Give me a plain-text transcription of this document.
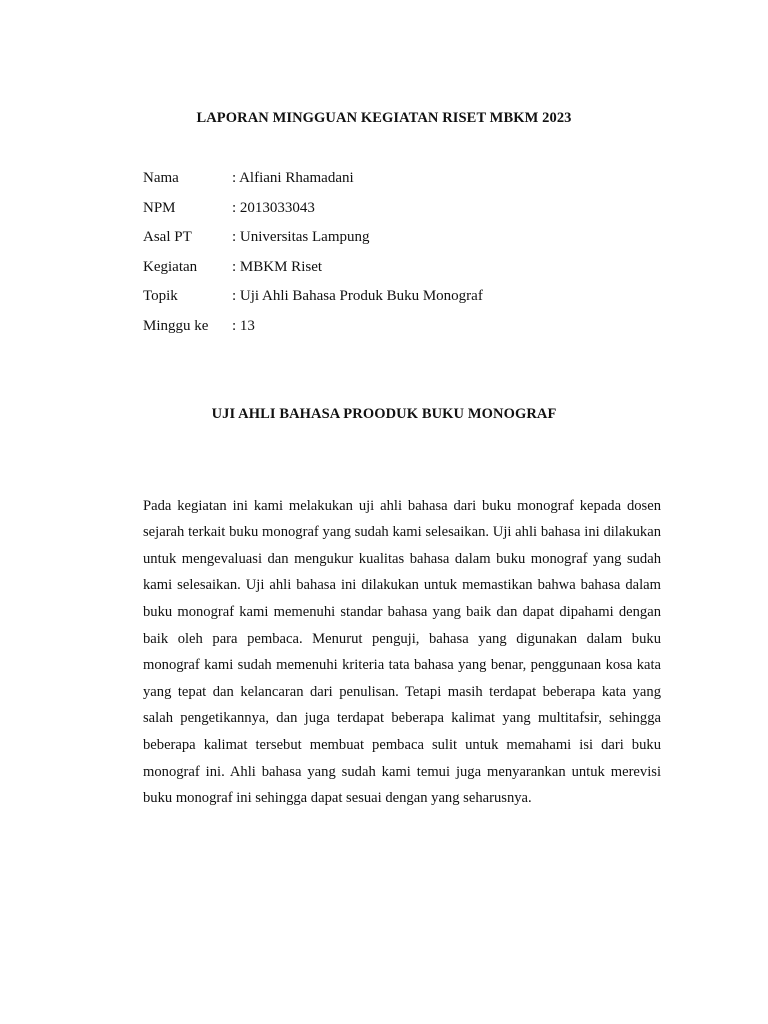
LAPORAN MINGGUAN KEGIATAN RISET MBKM 2023
Nama	: Alfiani Rhamadani
NPM	: 2013033043
Asal PT	: Universitas Lampung
Kegiatan	: MBKM Riset
Topik	: Uji Ahli Bahasa Produk Buku Monograf
Minggu ke	: 13
UJI AHLI BAHASA PROODUK BUKU MONOGRAF

Pada kegiatan ini kami melakukan uji ahli bahasa dari buku monograf kepada dosen sejarah terkait buku monograf yang sudah kami selesaikan. Uji ahli bahasa ini dilakukan untuk mengevaluasi dan mengukur kualitas bahasa dalam buku monograf yang sudah kami selesaikan. Uji ahli bahasa ini dilakukan untuk memastikan bahwa bahasa dalam buku monograf kami memenuhi standar bahasa yang baik dan dapat dipahami dengan baik oleh para pembaca. Menurut penguji, bahasa yang digunakan dalam buku monograf kami sudah memenuhi kriteria tata bahasa yang benar, penggunaan kosa kata yang tepat dan kelancaran dari penulisan. Tetapi masih terdapat beberapa kata yang salah pengetikannya, dan juga terdapat beberapa kalimat yang multitafsir, sehingga beberapa kalimat tersebut membuat pembaca sulit untuk memahami isi dari buku monograf ini. Ahli bahasa yang sudah kami temui juga menyarankan untuk merevisi buku monograf ini sehingga dapat sesuai dengan yang seharusnya.
